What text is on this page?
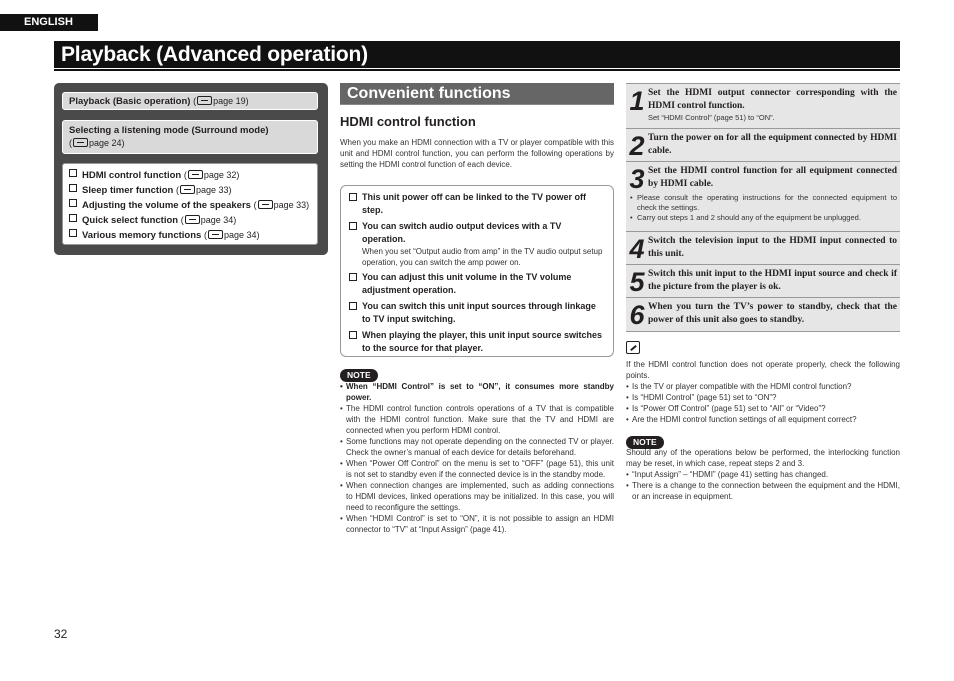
ENGLISH
Playback (Advanced operation)
Playback (Basic operation) ( page 19)
Selecting a listening mode (Surround mode)
( page 24)
HDMI control function ( page 32)
Sleep timer function ( page 33)
Adjusting the volume of the speakers ( page 33)
Quick select function ( page 34)
Various memory functions ( page 34)
Convenient functions
HDMI control function
When you make an HDMI connection with a TV or player compatible with this unit and HDMI control function, you can perform the following operations by setting the HDMI control function of each device.
This unit power off can be linked to the TV power off step.
You can switch audio output devices with a TV operation.
When you set “Output audio from amp” in the TV audio output setup operation, you can switch the amp power on.
You can adjust this unit volume in the TV volume adjustment operation.
You can switch this unit input sources through linkage to TV input switching.
When playing the player, this unit input source switches to the source for that player.
NOTE
• When “HDMI Control” is set to “ON”, it consumes more standby power.
• The HDMI control function controls operations of a TV that is compatible with the HDMI control function. Make sure that the TV and HDMI are connected when you perform HDMI control.
• Some functions may not operate depending on the connected TV or player. Check the owner’s manual of each device for details beforehand.
• When “Power Off Control” on the menu is set to “OFF” (page 51), this unit is not set to standby even if the connected device is in the standby mode.
• When connection changes are implemented, such as adding connections to HDMI devices, linked operations may be initialized. In this case, you will need to reconfigure the settings.
• When “HDMI Control” is set to “ON”, it is not possible to assign an HDMI connector to “TV” at “Input Assign” (page 41).
1 Set the HDMI output connector corresponding with the HDMI control function.
Set “HDMI Control” (page 51) to “ON”.
2 Turn the power on for all the equipment connected by HDMI cable.
3 Set the HDMI control function for all equipment connected by HDMI cable.
• Please consult the operating instructions for the connected equipment to check the settings.
• Carry out steps 1 and 2 should any of the equipment be unplugged.
4 Switch the television input to the HDMI input connected to this unit.
5 Switch this unit input to the HDMI input source and check if the picture from the player is ok.
6 When you turn the TV’s power to standby, check that the power of this unit also goes to standby.
If the HDMI control function does not operate properly, check the following points.
• Is the TV or player compatible with the HDMI control function?
• Is “HDMI Control” (page 51) set to “ON”?
• Is “Power Off Control” (page 51) set to “All” or “Video”?
• Are the HDMI control function settings of all equipment correct?
NOTE
Should any of the operations below be performed, the interlocking function may be reset, in which case, repeat steps 2 and 3.
• “Input Assign” – “HDMI” (page 41) setting has changed.
• There is a change to the connection between the equipment and the HDMI, or an increase in equipment.
32
